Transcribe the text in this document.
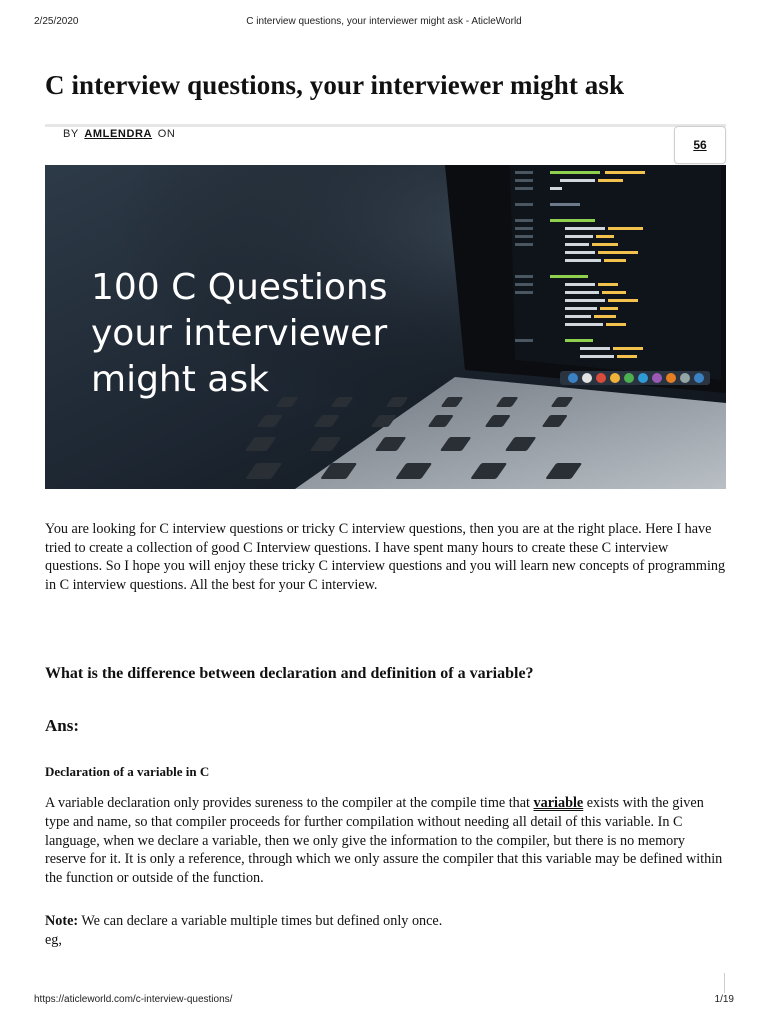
2/25/2020	C interview questions, your interviewer might ask - AticleWorld
C interview questions, your interviewer might ask
BY AMLENDRA ON
56
100 C Questions
your interviewer
might ask

You are looking for C interview questions or tricky C interview questions, then you are at the right place. Here I have tried to create a collection of good C Interview questions. I have spent many hours to create these C interview questions. So I hope you will enjoy these tricky C interview questions and you will learn new concepts of programming in C interview questions. All the best for your C interview.

What is the difference between declaration and definition of a variable?
Ans:
Declaration of a variable in C

A variable declaration only provides sureness to the compiler at the compile time that variable exists with the given type and name, so that compiler proceeds for further compilation without needing all detail of this variable. In C language, when we declare a variable, then we only give the information to the compiler, but there is no memory reserve for it. It is only a reference, through which we only assure the compiler that this variable may be defined within the function or outside of the function.

Note: We can declare a variable multiple times but defined only once.
eg,

https://aticleworld.com/c-interview-questions/	1/19
